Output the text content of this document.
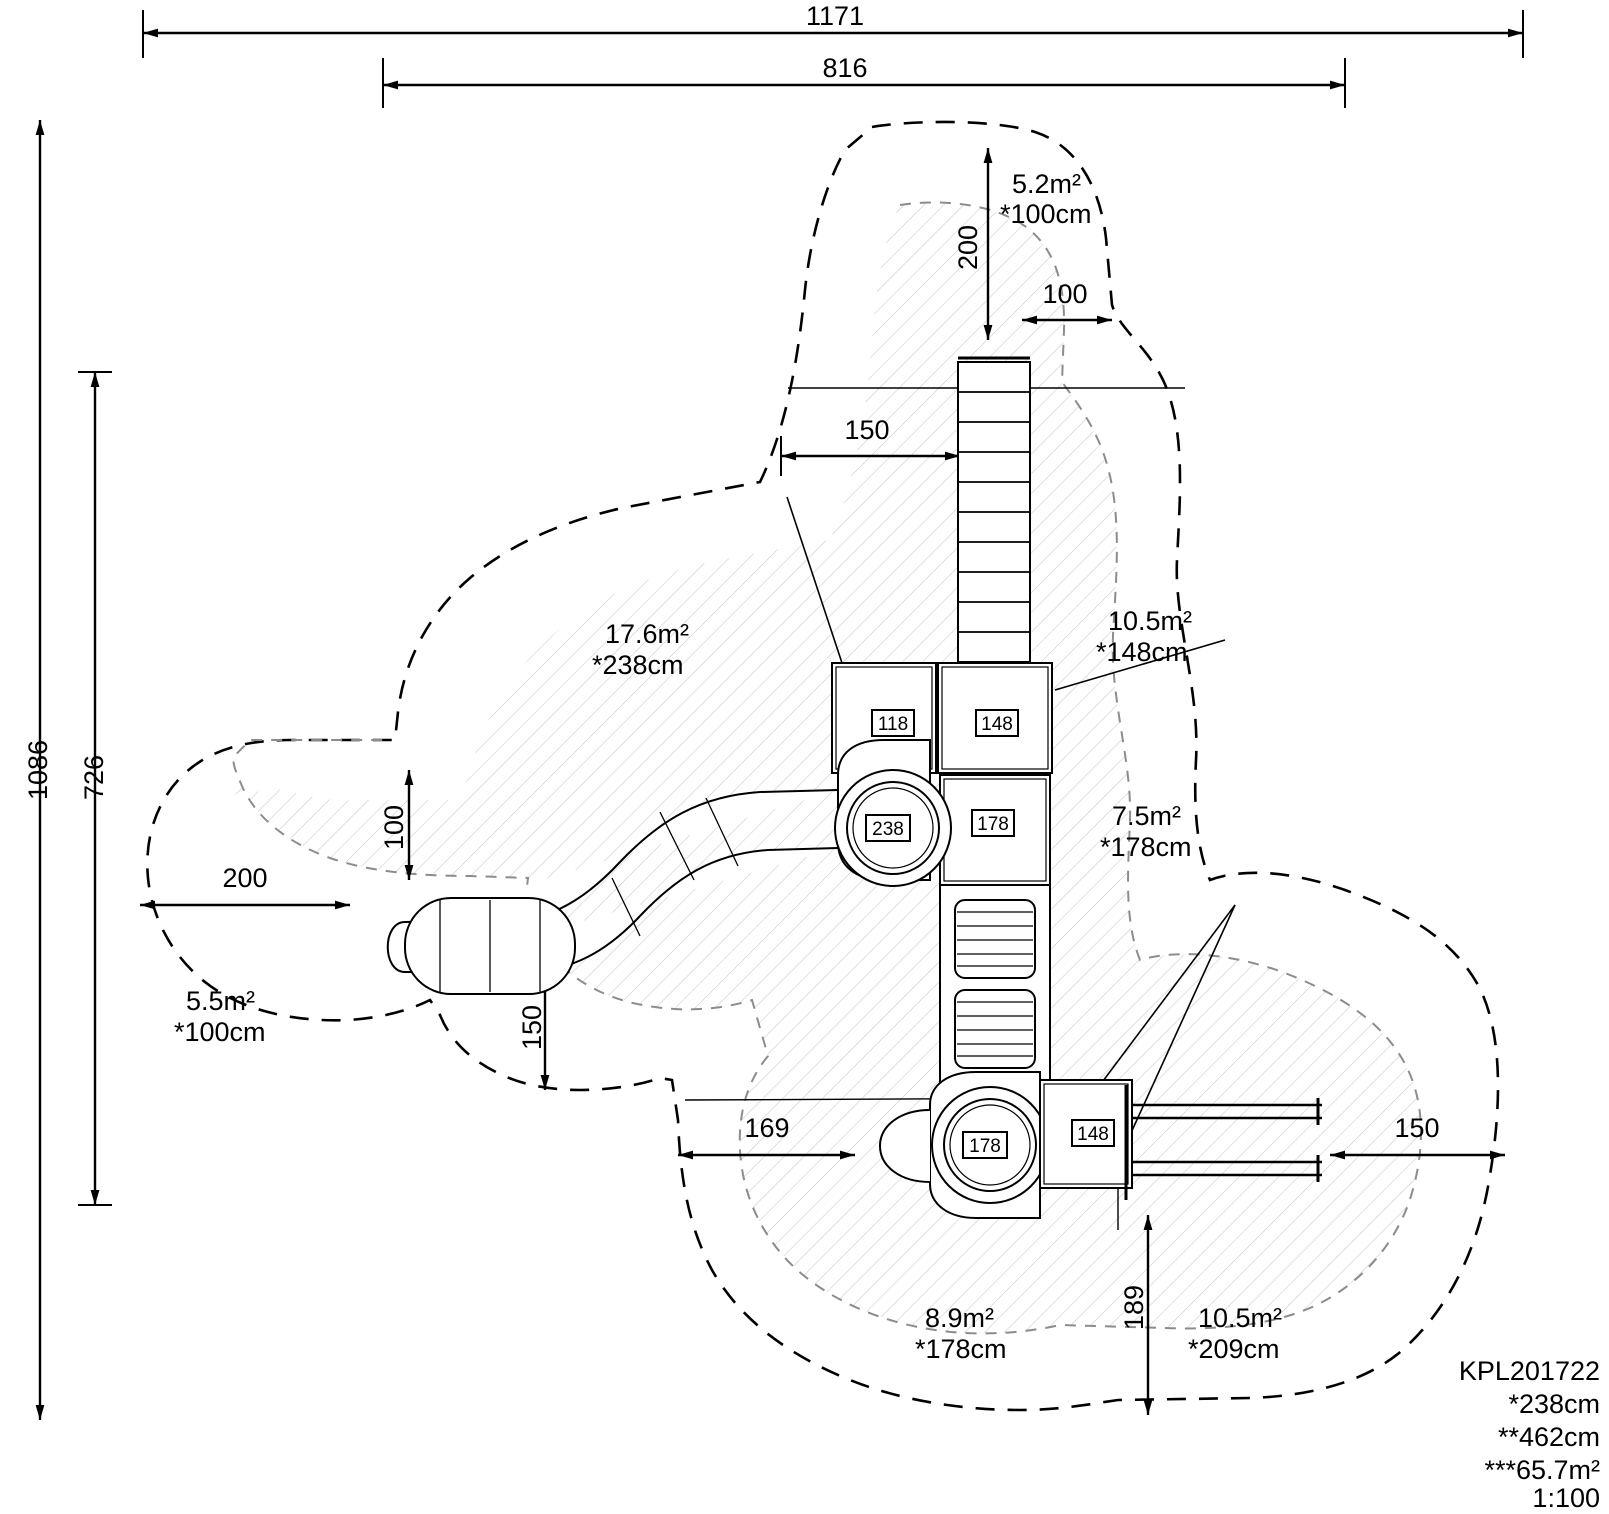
1171
816
1086 726
200
100
150
100
200
150
169	150
189
5.2m²
*100cm
17.6m²
*238cm
10.5m²
*148cm
7.5m²
*178cm
5.5m²
*100cm
8.9m²
*178cm
10.5m²
*209cm
118	148
238	178
178
148
KPL201722
*238cm
**462cm
***65.7m²
1:100
